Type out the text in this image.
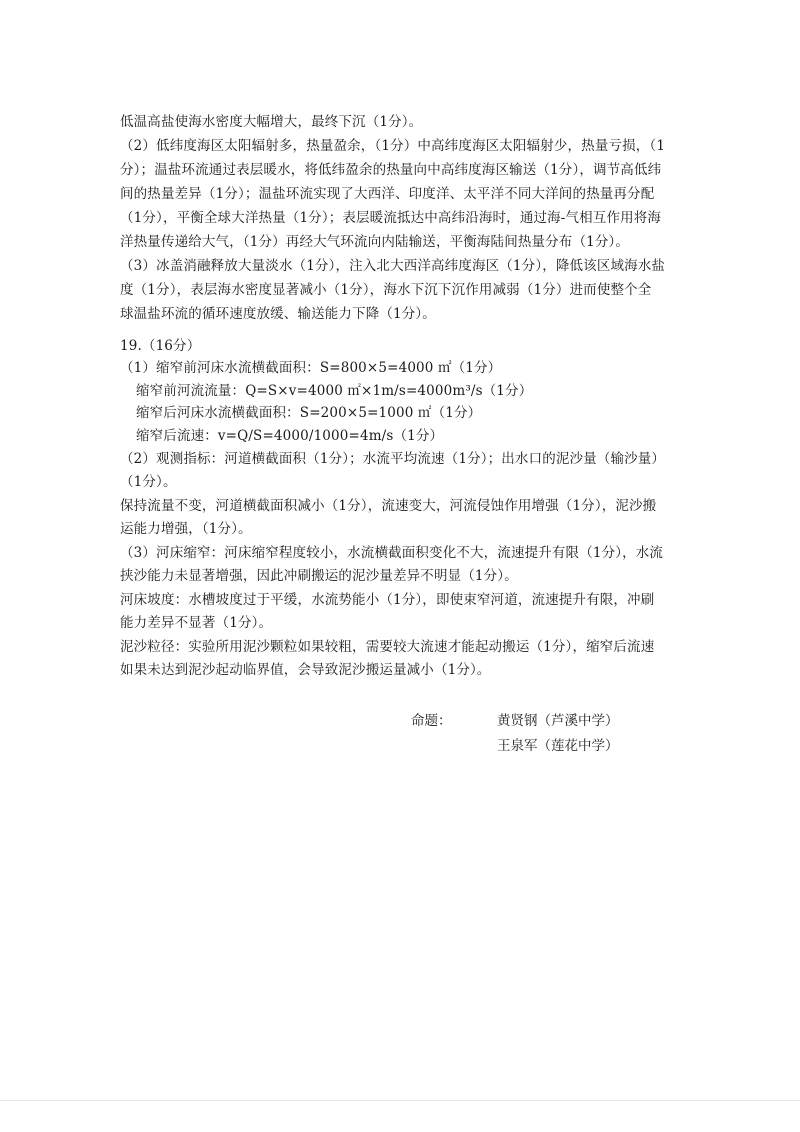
低温高盐使海水密度大幅增大，最终下沉（1分）。
（2）低纬度海区太阳辐射多，热量盈余，（1分）中高纬度海区太阳辐射少，热量亏损，（1
分）；温盐环流通过表层暖水，将低纬盈余的热量向中高纬度海区输送（1分），调节高低纬
间的热量差异（1分）；温盐环流实现了大西洋、印度洋、太平洋不同大洋间的热量再分配
（1分），平衡全球大洋热量（1分）；表层暖流抵达中高纬沿海时，通过海-气相互作用将海
洋热量传递给大气，（1分）再经大气环流向内陆输送，平衡海陆间热量分布（1分）。
（3）冰盖消融释放大量淡水（1分），注入北大西洋高纬度海区（1分），降低该区域海水盐
度（1分），表层海水密度显著减小（1分），海水下沉下沉作用减弱（1分）进而使整个全
球温盐环流的循环速度放缓、输送能力下降（1分）。
19.（16分）
（1）缩窄前河床水流横截面积：S=800×5=4000 ㎡（1分）
缩窄前河流流量：Q=S×v=4000 ㎡×1m/s=4000m³/s（1分）
缩窄后河床水流横截面积：S=200×5=1000 ㎡（1分）
缩窄后流速：v=Q/S=4000/1000=4m/s（1分）
（2）观测指标：河道横截面积（1分）；水流平均流速（1分）；出水口的泥沙量（输沙量）
（1分）。
保持流量不变，河道横截面积减小（1分），流速变大，河流侵蚀作用增强（1分），泥沙搬
运能力增强，（1分）。
（3）河床缩窄：河床缩窄程度较小，水流横截面积变化不大，流速提升有限（1分），水流
挟沙能力未显著增强，因此冲刷搬运的泥沙量差异不明显（1分）。
河床坡度：水槽坡度过于平缓，水流势能小（1分），即使束窄河道，流速提升有限，冲刷
能力差异不显著（1分）。
泥沙粒径：实验所用泥沙颗粒如果较粗，需要较大流速才能起动搬运（1分），缩窄后流速
如果未达到泥沙起动临界值，会导致泥沙搬运量减小（1分）。
命题：	黄贤钢（芦溪中学）
王泉军（莲花中学）
